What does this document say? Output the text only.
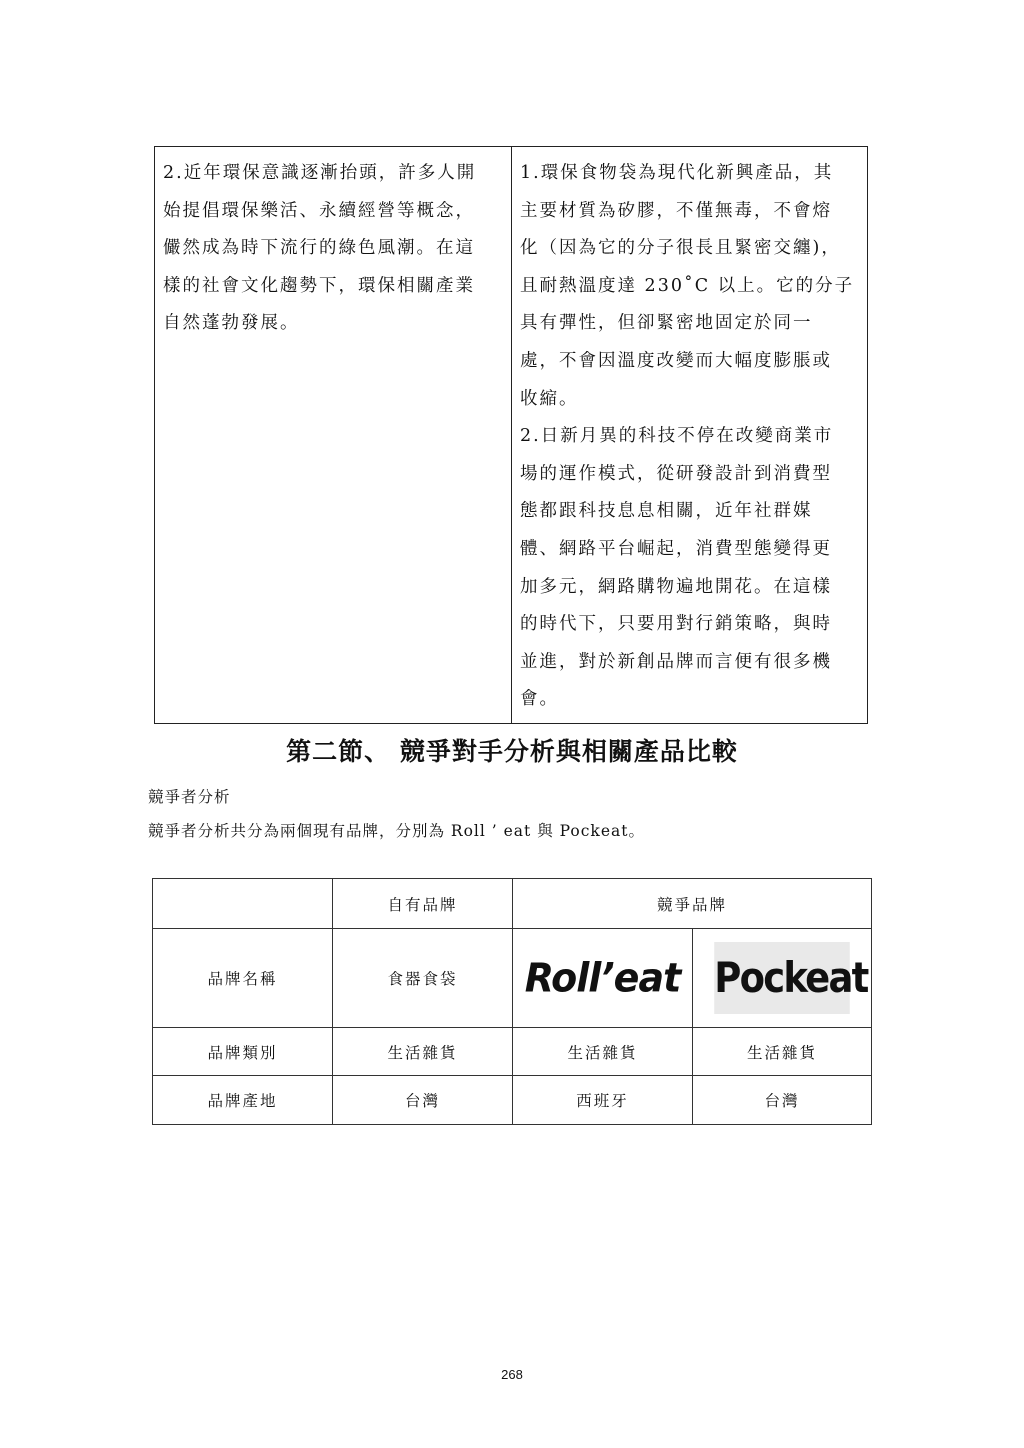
2.近年環保意識逐漸抬頭，許多人開
始提倡環保樂活、永續經營等概念，
儼然成為時下流行的綠色風潮。在這
樣的社會文化趨勢下，環保相關產業
自然蓬勃發展。

1.環保食物袋為現代化新興產品，其
主要材質為矽膠，不僅無毒，不會熔
化（因為它的分子很長且緊密交纏)，
且耐熱溫度達 230˚C 以上。它的分子
具有彈性，但卻緊密地固定於同一
處，不會因溫度改變而大幅度膨脹或
收縮。
2.日新月異的科技不停在改變商業市
場的運作模式，從研發設計到消費型
態都跟科技息息相關，近年社群媒
體、網路平台崛起，消費型態變得更
加多元，網路購物遍地開花。在這樣
的時代下，只要用對行銷策略，與時
並進，對於新創品牌而言便有很多機
會。
第二節、 競爭對手分析與相關產品比較
競爭者分析
競爭者分析共分為兩個現有品牌，分別為 Roll ’ eat 與 Pockeat。
	自有品牌	競爭品牌	
品牌名稱	食器食袋	Roll’eat	Pockeat
品牌類別	生活雜貨	生活雜貨	生活雜貨
品牌產地	台灣	西班牙	台灣
268
